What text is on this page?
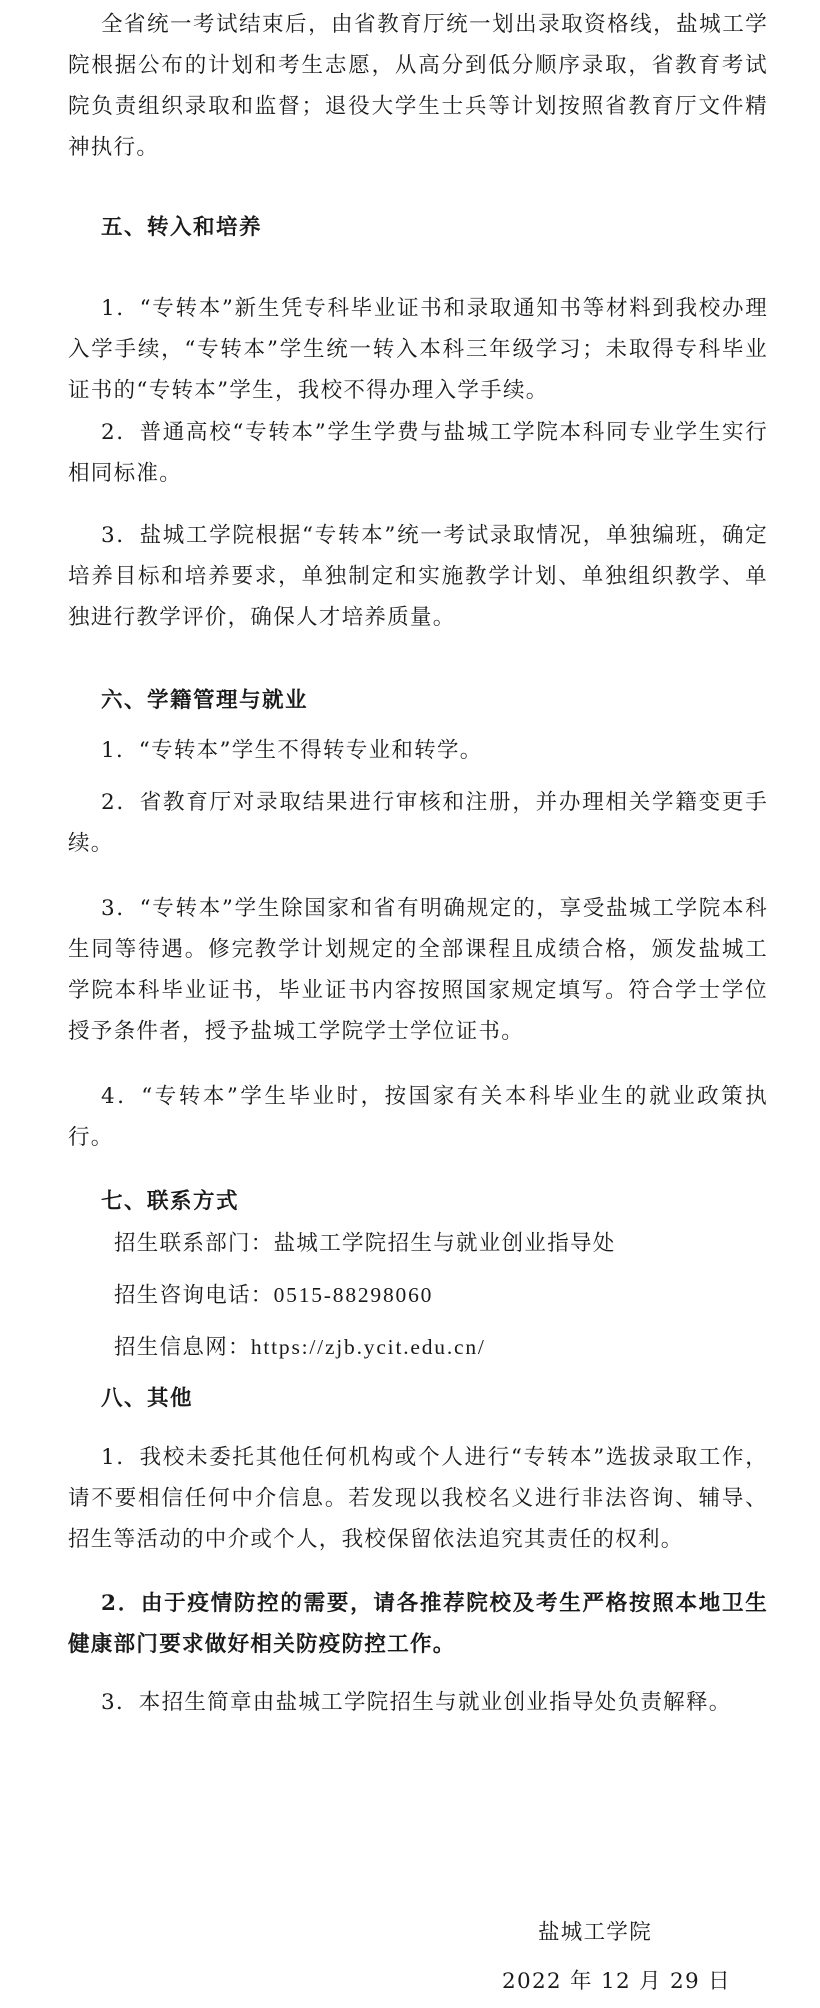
全省统一考试结束后，由省教育厅统一划出录取资格线，盐城工学院根据公布的计划和考生志愿，从高分到低分顺序录取，省教育考试院负责组织录取和监督；退役大学生士兵等计划按照省教育厅文件精神执行。

五、转入和培养

1．“专转本”新生凭专科毕业证书和录取通知书等材料到我校办理入学手续，“专转本”学生统一转入本科三年级学习；未取得专科毕业证书的“专转本”学生，我校不得办理入学手续。

2．普通高校“专转本”学生学费与盐城工学院本科同专业学生实行相同标准。

3．盐城工学院根据“专转本”统一考试录取情况，单独编班，确定培养目标和培养要求，单独制定和实施教学计划、单独组织教学、单独进行教学评价，确保人才培养质量。

六、学籍管理与就业

1．“专转本”学生不得转专业和转学。

2．省教育厅对录取结果进行审核和注册，并办理相关学籍变更手续。

3．“专转本”学生除国家和省有明确规定的，享受盐城工学院本科生同等待遇。修完教学计划规定的全部课程且成绩合格，颁发盐城工学院本科毕业证书，毕业证书内容按照国家规定填写。符合学士学位授予条件者，授予盐城工学院学士学位证书。

4．“专转本”学生毕业时，按国家有关本科毕业生的就业政策执行。

七、联系方式

招生联系部门：盐城工学院招生与就业创业指导处

招生咨询电话：0515-88298060

招生信息网：https://zjb.ycit.edu.cn/

八、其他

1．我校未委托其他任何机构或个人进行“专转本”选拔录取工作，请不要相信任何中介信息。若发现以我校名义进行非法咨询、辅导、招生等活动的中介或个人，我校保留依法追究其责任的权利。

2．由于疫情防控的需要，请各推荐院校及考生严格按照本地卫生健康部门要求做好相关防疫防控工作。

3．本招生简章由盐城工学院招生与就业创业指导处负责解释。

盐城工学院

2022 年 12 月 29 日
